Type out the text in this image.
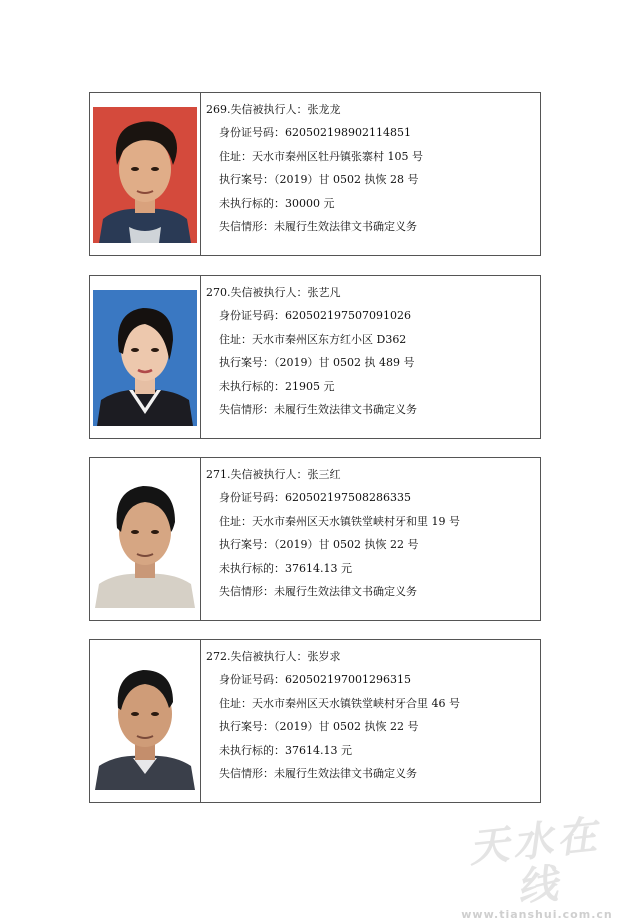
269.失信被执行人：张龙龙
身份证号码：620502198902114851
住址：天水市秦州区牡丹镇张寨村 105 号
执行案号：（2019）甘 0502 执恢 28 号
未执行标的：30000 元
失信情形：未履行生效法律文书确定义务
270.失信被执行人：张艺凡
身份证号码：620502197507091026
住址：天水市秦州区东方红小区 D362
执行案号：（2019）甘 0502 执 489 号
未执行标的：21905 元
失信情形：未履行生效法律文书确定义务
271.失信被执行人：张三红
身份证号码：620502197508286335
住址：天水市秦州区天水镇铁堂峡村牙和里 19 号
执行案号：（2019）甘 0502 执恢 22 号
未执行标的：37614.13 元
失信情形：未履行生效法律文书确定义务
272.失信被执行人：张岁求
身份证号码：620502197001296315
住址：天水市秦州区天水镇铁堂峡村牙合里 46 号
执行案号：（2019）甘 0502 执恢 22 号
未执行标的：37614.13 元
失信情形：未履行生效法律文书确定义务
天水在线
www.tianshui.com.cn
